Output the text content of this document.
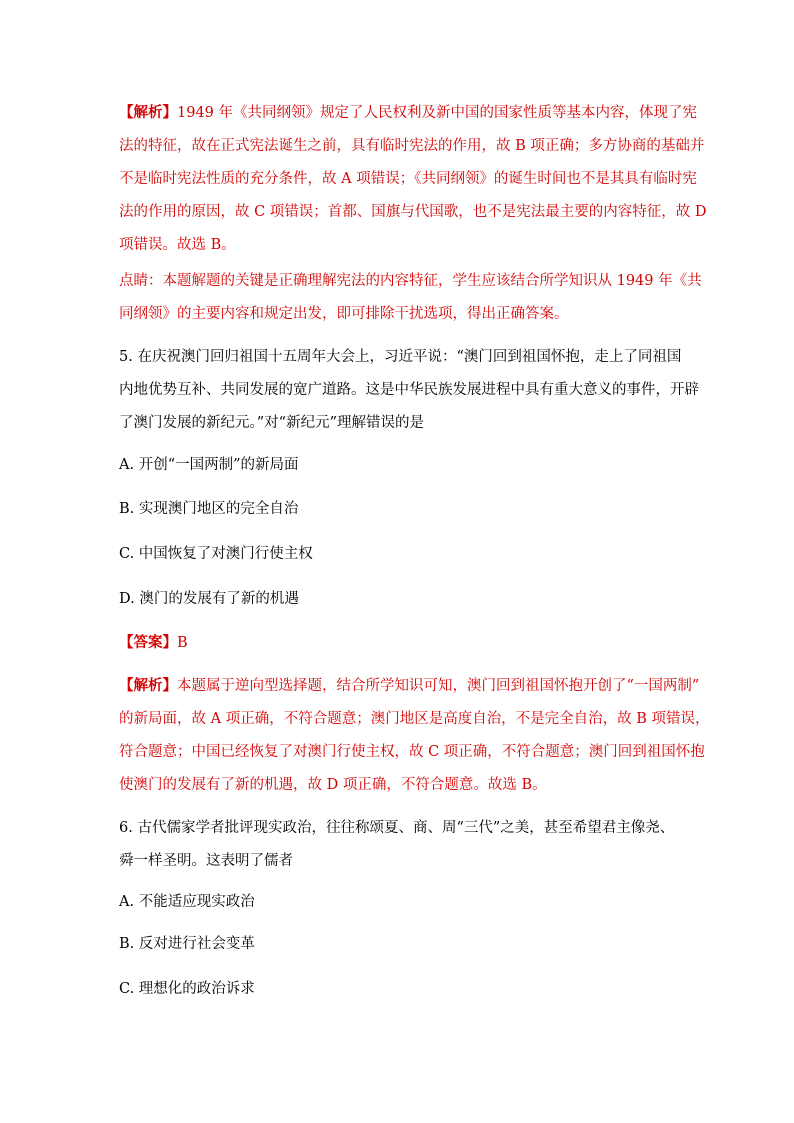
【解析】1949 年《共同纲领》规定了人民权利及新中国的国家性质等基本内容，体现了宪
法的特征，故在正式宪法诞生之前，具有临时宪法的作用，故 B 项正确；多方协商的基础并
不是临时宪法性质的充分条件，故 A 项错误；《共同纲领》的诞生时间也不是其具有临时宪
法的作用的原因，故 C 项错误；首都、国旗与代国歌，也不是宪法最主要的内容特征，故 D
项错误。故选 B。
点睛：本题解题的关键是正确理解宪法的内容特征，学生应该结合所学知识从 1949 年《共
同纲领》的主要内容和规定出发，即可排除干扰选项，得出正确答案。
5. 在庆祝澳门回归祖国十五周年大会上，习近平说：“澳门回到祖国怀抱，走上了同祖国
内地优势互补、共同发展的宽广道路。这是中华民族发展进程中具有重大意义的事件，开辟
了澳门发展的新纪元。”对“新纪元”理解错误的是
A. 开创“一国两制”的新局面
B. 实现澳门地区的完全自治
C. 中国恢复了对澳门行使主权
D. 澳门的发展有了新的机遇
【答案】B
【解析】本题属于逆向型选择题，结合所学知识可知，澳门回到祖国怀抱开创了“一国两制”
的新局面，故 A 项正确，不符合题意；澳门地区是高度自治，不是完全自治，故 B 项错误，
符合题意；中国已经恢复了对澳门行使主权，故 C 项正确，不符合题意；澳门回到祖国怀抱
使澳门的发展有了新的机遇，故 D 项正确，不符合题意。故选 B。
6. 古代儒家学者批评现实政治，往往称颂夏、商、周“三代”之美，甚至希望君主像尧、
舜一样圣明。这表明了儒者
A. 不能适应现实政治
B. 反对进行社会变革
C. 理想化的政治诉求
